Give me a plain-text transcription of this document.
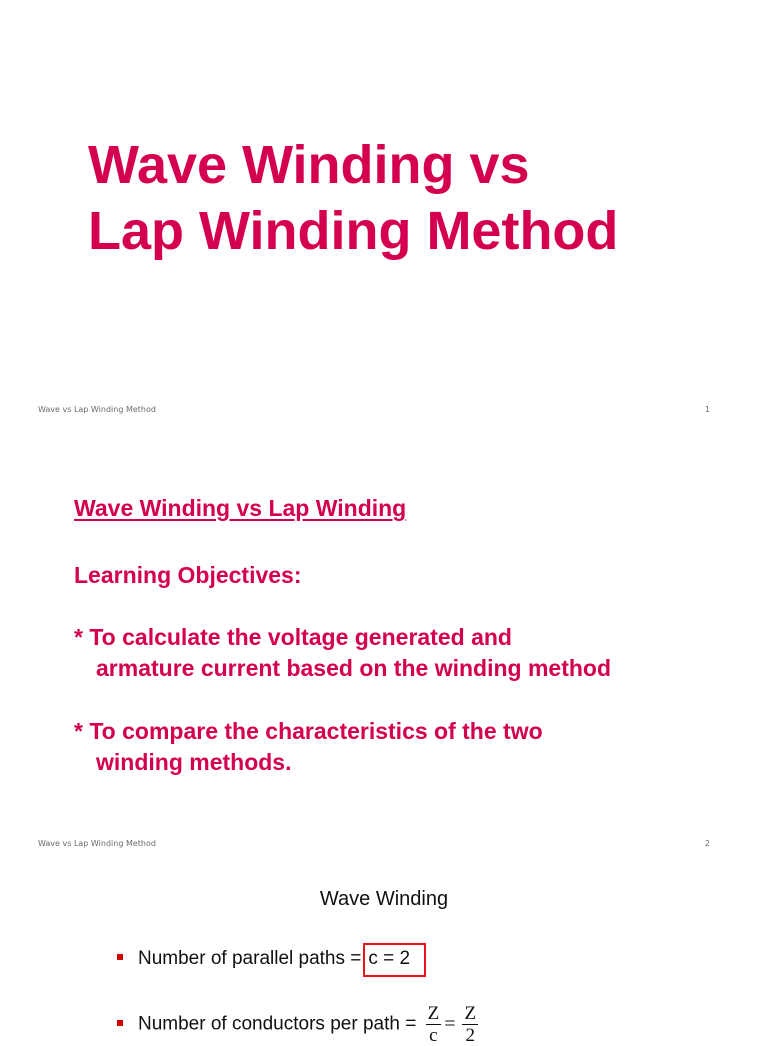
Wave Winding vs
Lap Winding Method
Wave vs Lap Winding Method	1
Wave Winding vs Lap Winding
Learning Objectives:
* To calculate the voltage generated and
armature current based on the winding method
* To compare the characteristics of the two
winding methods.
Wave vs Lap Winding Method	2
Wave Winding
Number of parallel paths = c = 2
Number of conductors per path = $\frac{Z}{c} = \frac{Z}{2}$
